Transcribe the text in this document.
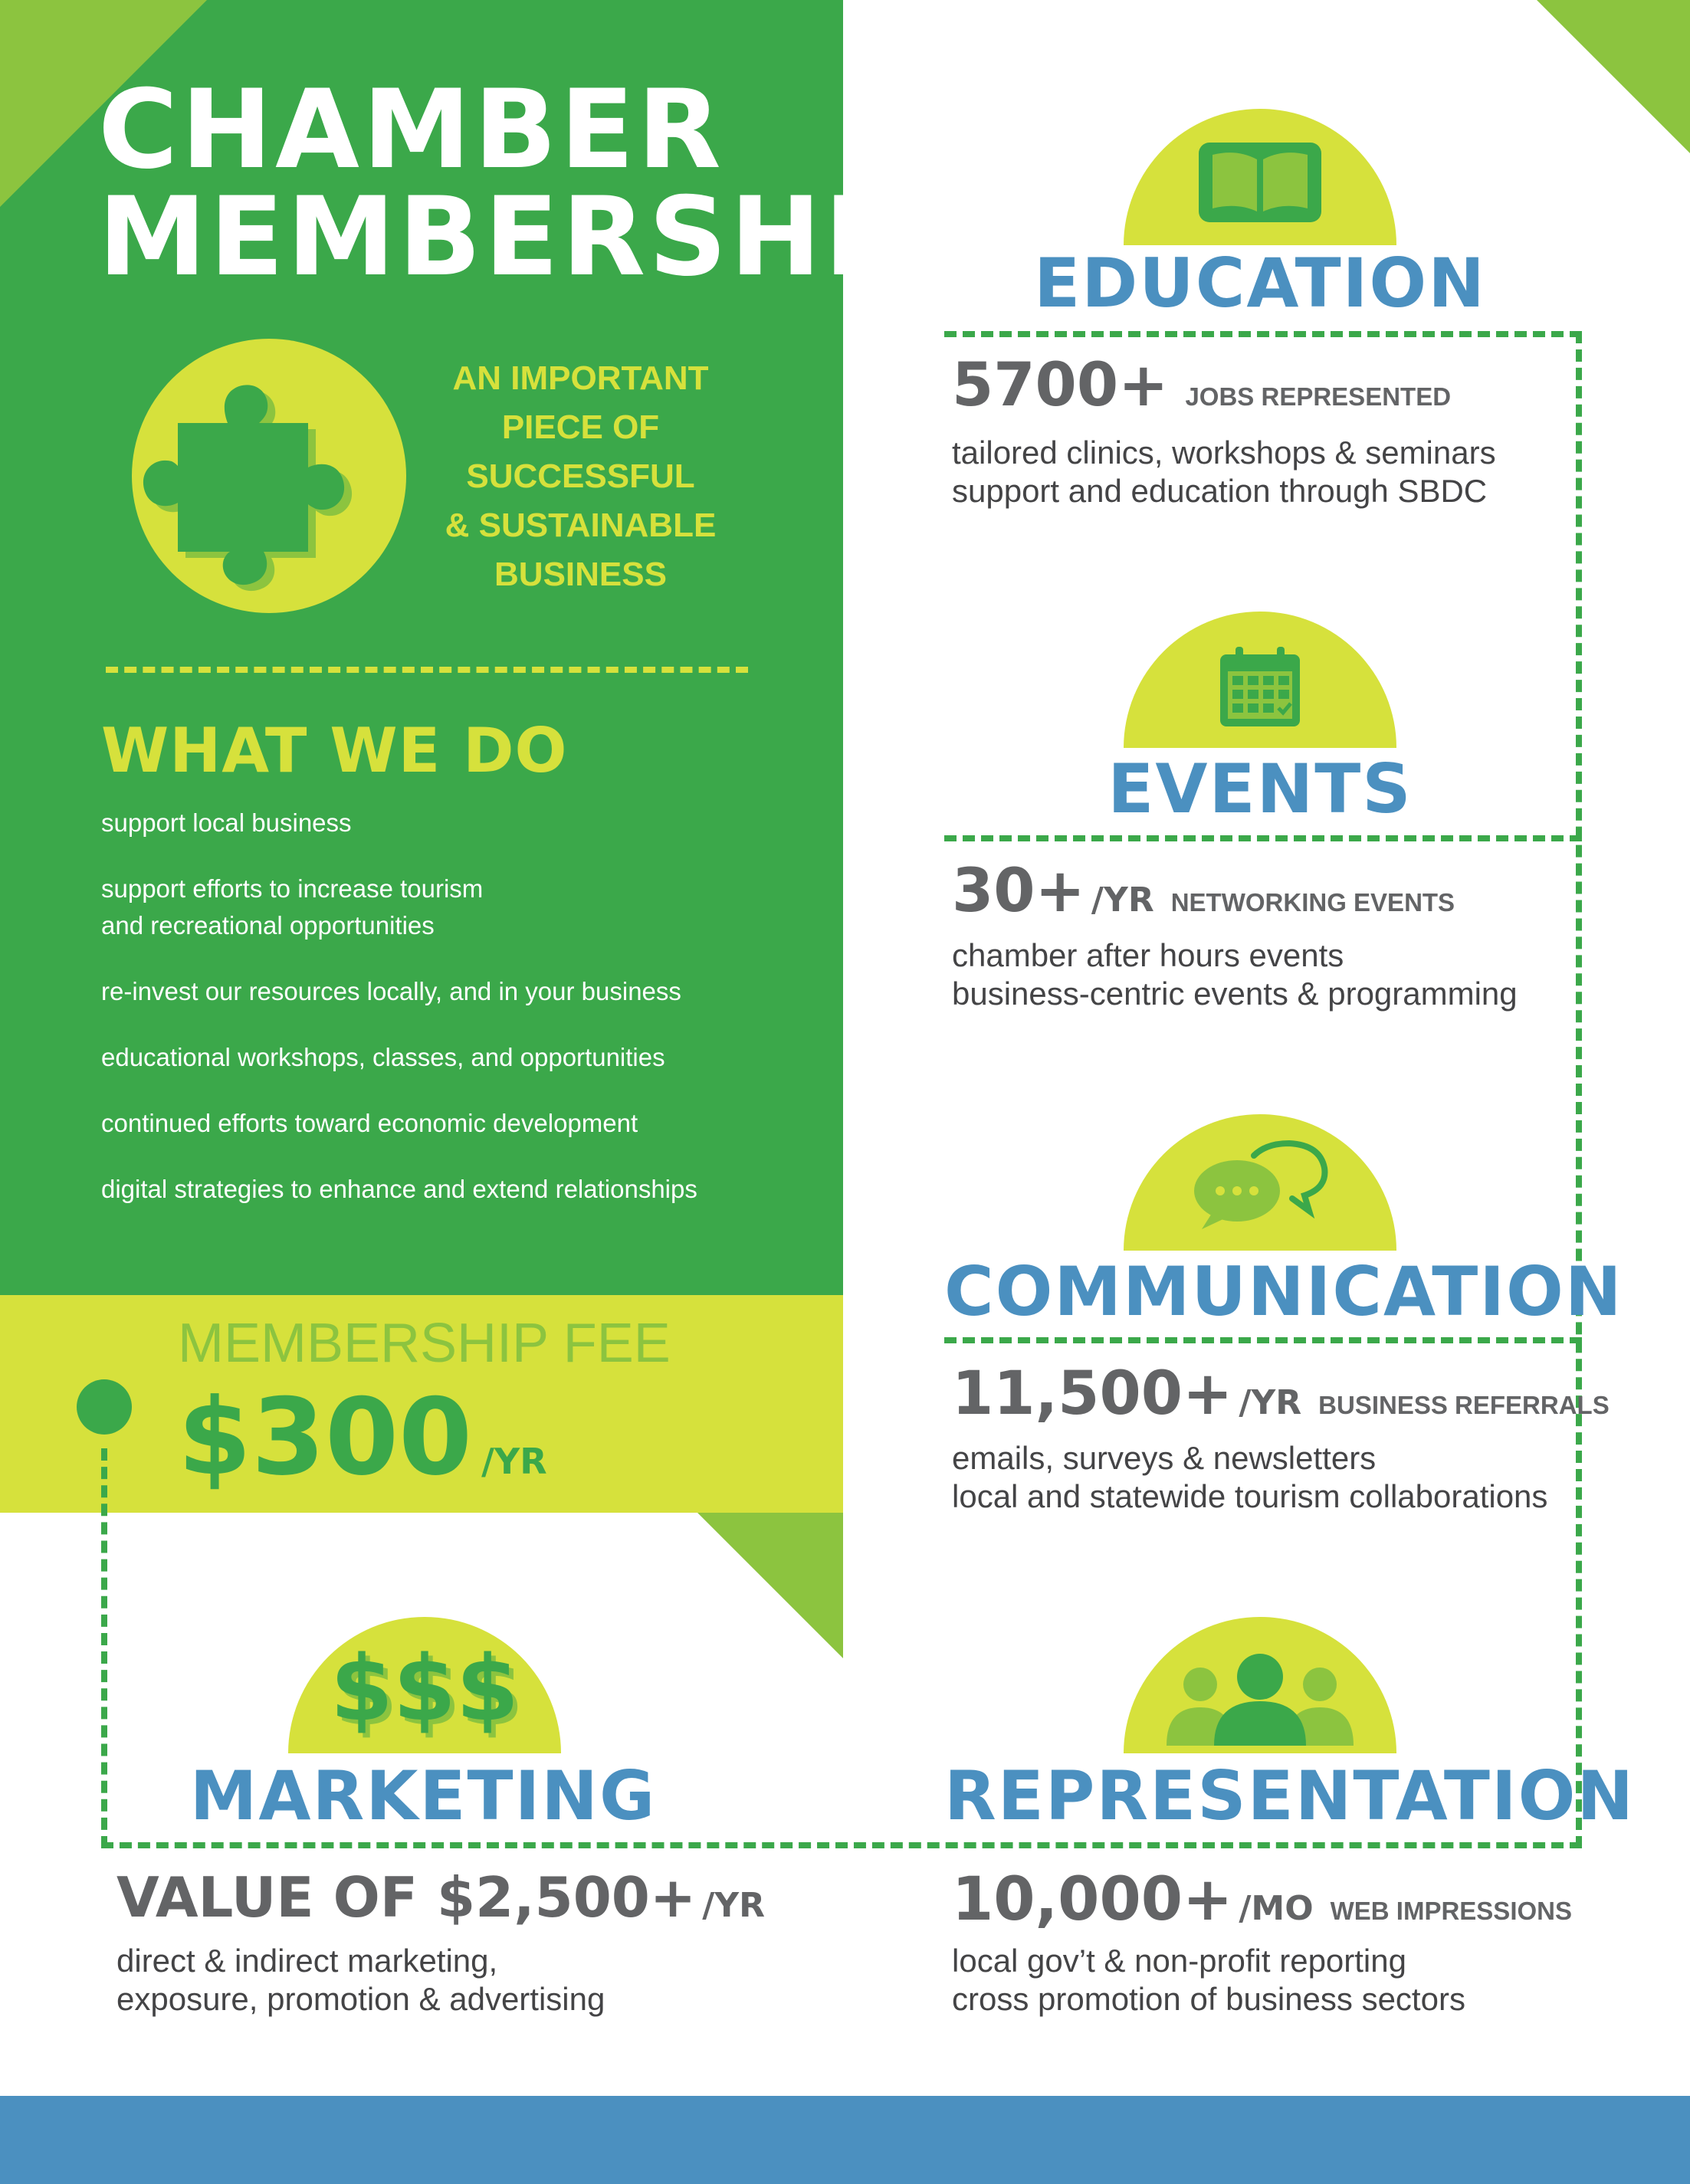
CHAMBER
MEMBERSHIP
AN IMPORTANT
PIECE OF
SUCCESSFUL
& SUSTAINABLE
BUSINESS
WHAT WE DO
support local business
support efforts to increase tourism
and recreational opportunities
re-invest our resources locally, and in your business
educational workshops, classes, and opportunities
continued efforts toward economic development
digital strategies to enhance and extend relationships
MEMBERSHIP FEE
$300 /YR
EDUCATION
5700+ JOBS REPRESENTED
tailored clinics, workshops & seminars
support and education through SBDC
EVENTS
30+ /YR NETWORKING EVENTS
chamber after hours events
business-centric events & programming
COMMUNICATION
11,500+ /YR BUSINESS REFERRALS
emails, surveys & newsletters
local and statewide tourism collaborations
$$$
MARKETING
VALUE OF $2,500+ /YR
direct & indirect marketing,
exposure, promotion & advertising
REPRESENTATION
10,000+ /MO WEB IMPRESSIONS
local gov’t & non-profit reporting
cross promotion of business sectors
